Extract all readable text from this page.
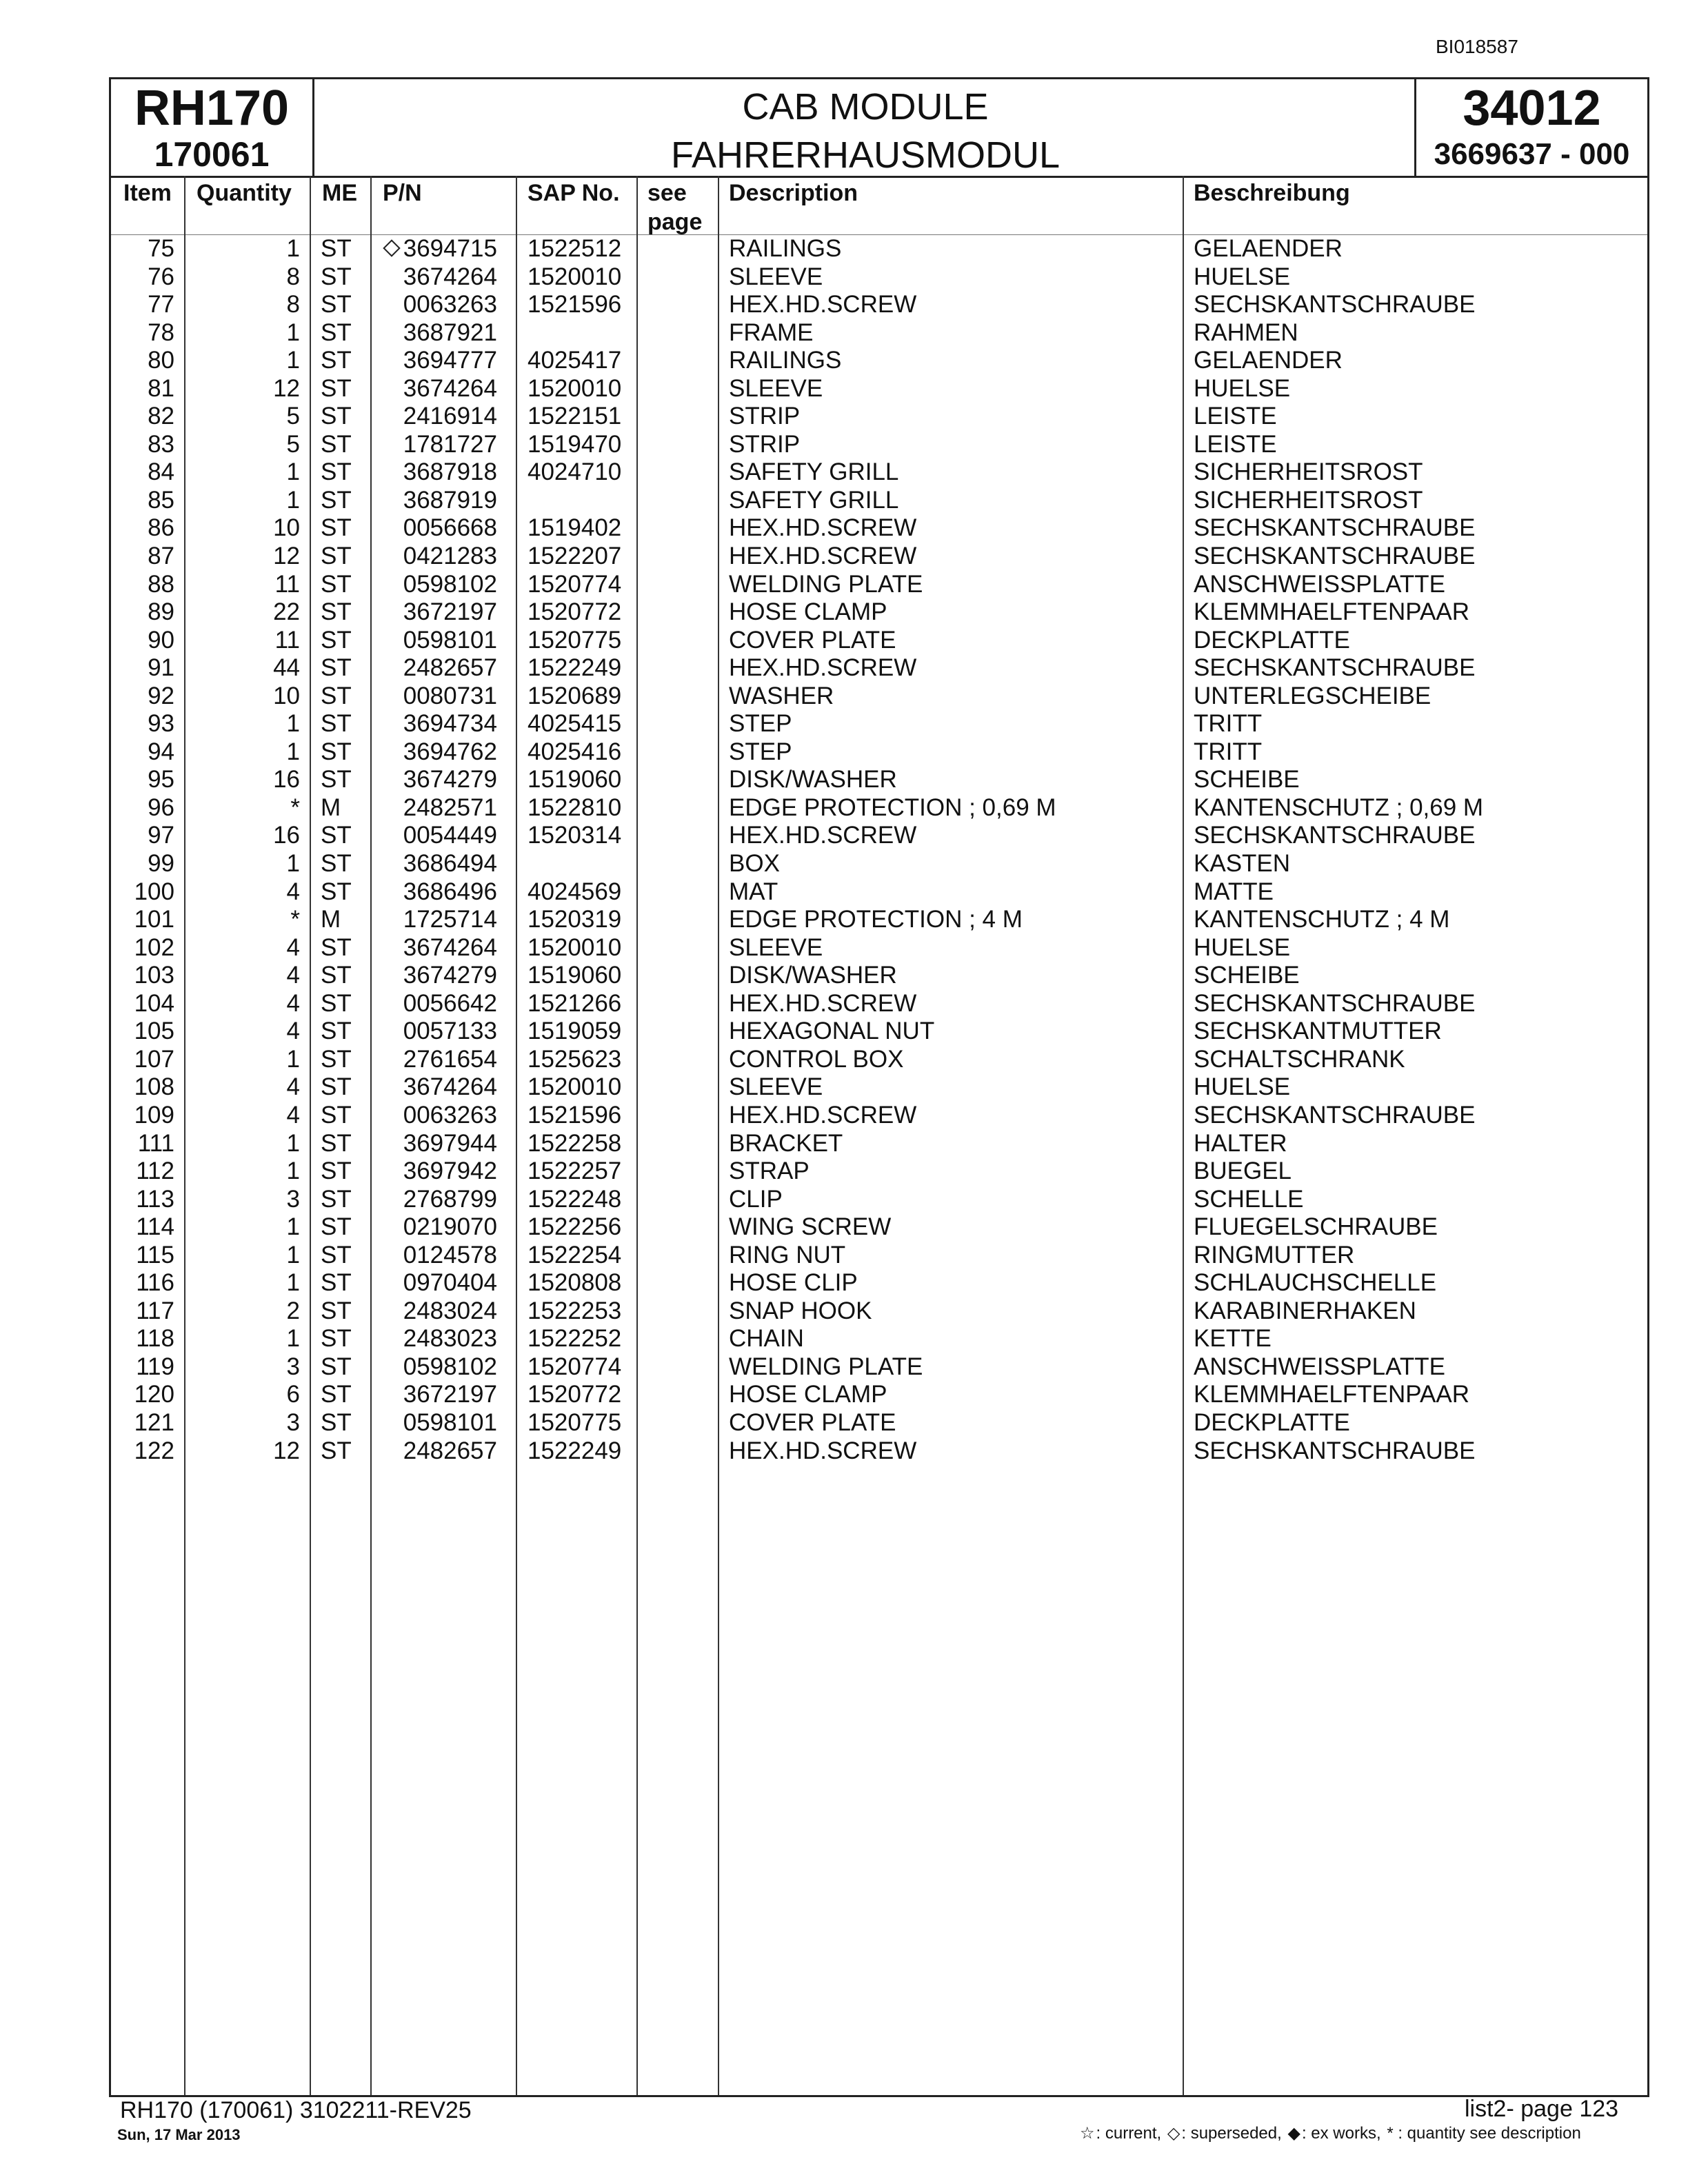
BI018587
RH170
170061
CAB MODULE
FAHRERHAUSMODUL
34012
3669637 - 000
Item Quantity ME P/N	SAP No. see
page
Description	Beschreibung
75	1 ST	3694715 1522512	RAILINGS	GELAENDER
76	8 ST	3674264 1520010	SLEEVE	HUELSE
77	8 ST	0063263 1521596	HEX.HD.SCREW	SECHSKANTSCHRAUBE
78	1 ST	3687921	FRAME	RAHMEN
80	1 ST	3694777 4025417	RAILINGS	GELAENDER
81	12 ST	3674264 1520010	SLEEVE	HUELSE
82	5 ST	2416914 1522151	STRIP	LEISTE
83	5 ST	1781727 1519470	STRIP	LEISTE
84	1 ST	3687918 4024710	SAFETY GRILL	SICHERHEITSROST
85	1 ST	3687919	SAFETY GRILL	SICHERHEITSROST
86	10 ST	0056668 1519402	HEX.HD.SCREW	SECHSKANTSCHRAUBE
87	12 ST	0421283 1522207	HEX.HD.SCREW	SECHSKANTSCHRAUBE
88	11 ST	0598102 1520774	WELDING PLATE	ANSCHWEISSPLATTE
89	22 ST	3672197 1520772	HOSE CLAMP	KLEMMHAELFTENPAAR
90	11 ST	0598101 1520775	COVER PLATE	DECKPLATTE
91	44 ST	2482657 1522249	HEX.HD.SCREW	SECHSKANTSCHRAUBE
92	10 ST	0080731 1520689	WASHER	UNTERLEGSCHEIBE
93	1 ST	3694734 4025415	STEP	TRITT
94	1 ST	3694762 4025416	STEP	TRITT
95	16 ST	3674279 1519060	DISK/WASHER	SCHEIBE
96	* M	2482571 1522810	EDGE PROTECTION ; 0,69 M	KANTENSCHUTZ ; 0,69 M
97	16 ST	0054449 1520314	HEX.HD.SCREW	SECHSKANTSCHRAUBE
99	1 ST	3686494	BOX	KASTEN
100	4 ST	3686496 4024569	MAT	MATTE
101	* M	1725714 1520319	EDGE PROTECTION ; 4 M	KANTENSCHUTZ ; 4 M
102	4 ST	3674264 1520010	SLEEVE	HUELSE
103	4 ST	3674279 1519060	DISK/WASHER	SCHEIBE
104	4 ST	0056642 1521266	HEX.HD.SCREW	SECHSKANTSCHRAUBE
105	4 ST	0057133 1519059	HEXAGONAL NUT	SECHSKANTMUTTER
107	1 ST	2761654 1525623	CONTROL BOX	SCHALTSCHRANK
108	4 ST	3674264 1520010	SLEEVE	HUELSE
109	4 ST	0063263 1521596	HEX.HD.SCREW	SECHSKANTSCHRAUBE
111	1 ST	3697944 1522258	BRACKET	HALTER
112	1 ST	3697942 1522257	STRAP	BUEGEL
113	3 ST	2768799 1522248	CLIP	SCHELLE
114	1 ST	0219070 1522256	WING SCREW	FLUEGELSCHRAUBE
115	1 ST	0124578 1522254	RING NUT	RINGMUTTER
116	1 ST	0970404 1520808	HOSE CLIP	SCHLAUCHSCHELLE
117	2 ST	2483024 1522253	SNAP HOOK	KARABINERHAKEN
118	1 ST	2483023 1522252	CHAIN	KETTE
119	3 ST	0598102 1520774	WELDING PLATE	ANSCHWEISSPLATTE
120	6 ST	3672197 1520772	HOSE CLAMP	KLEMMHAELFTENPAAR
121	3 ST	0598101 1520775	COVER PLATE	DECKPLATTE
122	12 ST	2482657 1522249	HEX.HD.SCREW	SECHSKANTSCHRAUBE
RH170 (170061) 3102211-REV25
Sun, 17 Mar 2013
list2- page 123
☆: current, ◇: superseded, ◆: ex works, * : quantity see description
